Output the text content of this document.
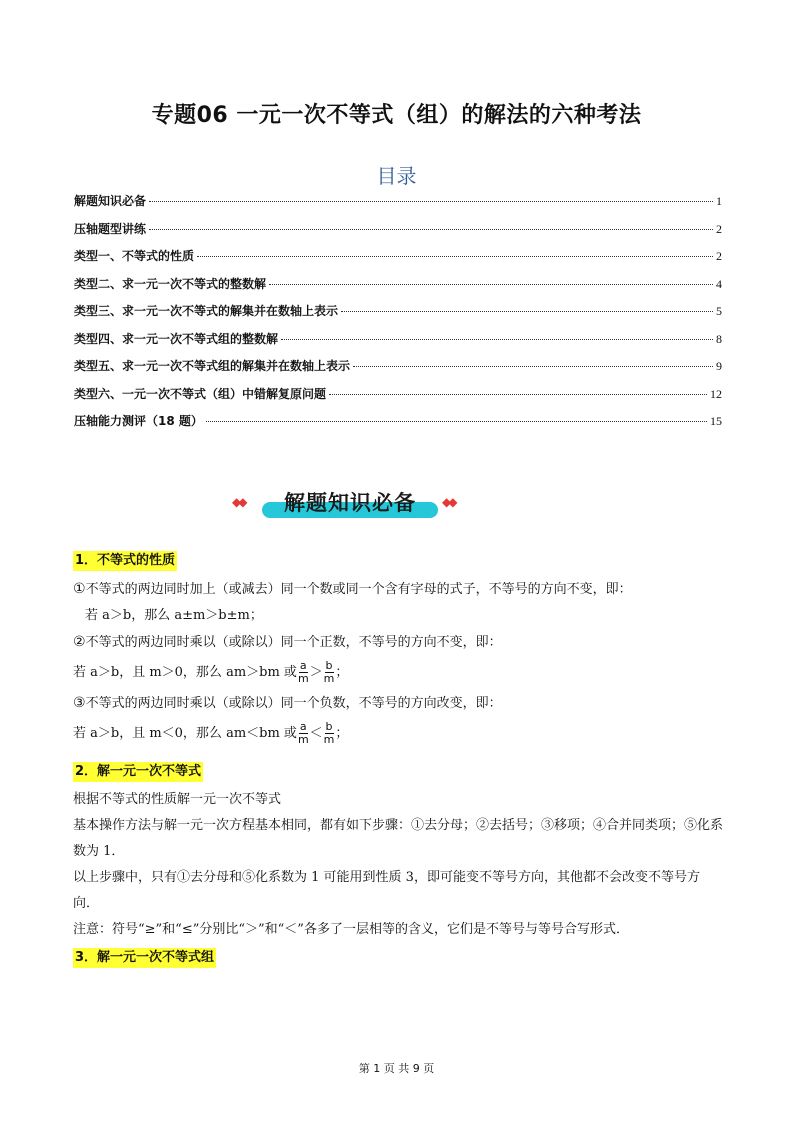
专题06 一元一次不等式（组）的解法的六种考法
目录
解题知识必备	1
压轴题型讲练	2
类型一、不等式的性质	2
类型二、求一元一次不等式的整数解	4
类型三、求一元一次不等式的解集并在数轴上表示	5
类型四、求一元一次不等式组的整数解	8
类型五、求一元一次不等式组的解集并在数轴上表示	9
类型六、一元一次不等式（组）中错解复原问题	12
压轴能力测评（18 题）	15
◆◆	解题知识必备	◆◆
1．不等式的性质
①不等式的两边同时加上（或减去）同一个数或同一个含有字母的式子，不等号的方向不变，即：
若 a＞b，那么 a±m＞b±m；
②不等式的两边同时乘以（或除以）同一个正数，不等号的方向不变，即：
若 a＞b，且 m＞0，那么 am＞bm 或 $\frac{a}{m} > \frac{b}{m}$ ；
③不等式的两边同时乘以（或除以）同一个负数，不等号的方向改变，即：
若 a＞b，且 m＜0，那么 am＜bm 或 $\frac{a}{m} < \frac{b}{m}$ ；
2．解一元一次不等式
根据不等式的性质解一元一次不等式
基本操作方法与解一元一次方程基本相同，都有如下步骤：①去分母；②去括号；③移项；④合并同类项；⑤化系数为 1．
以上步骤中，只有①去分母和⑤化系数为 1 可能用到性质 3，即可能变不等号方向，其他都不会改变不等号方向．
注意：符号“≥”和“≤”分别比“＞”和“＜”各多了一层相等的含义，它们是不等号与等号合写形式．
3．解一元一次不等式组
第 1 页 共 9 页
